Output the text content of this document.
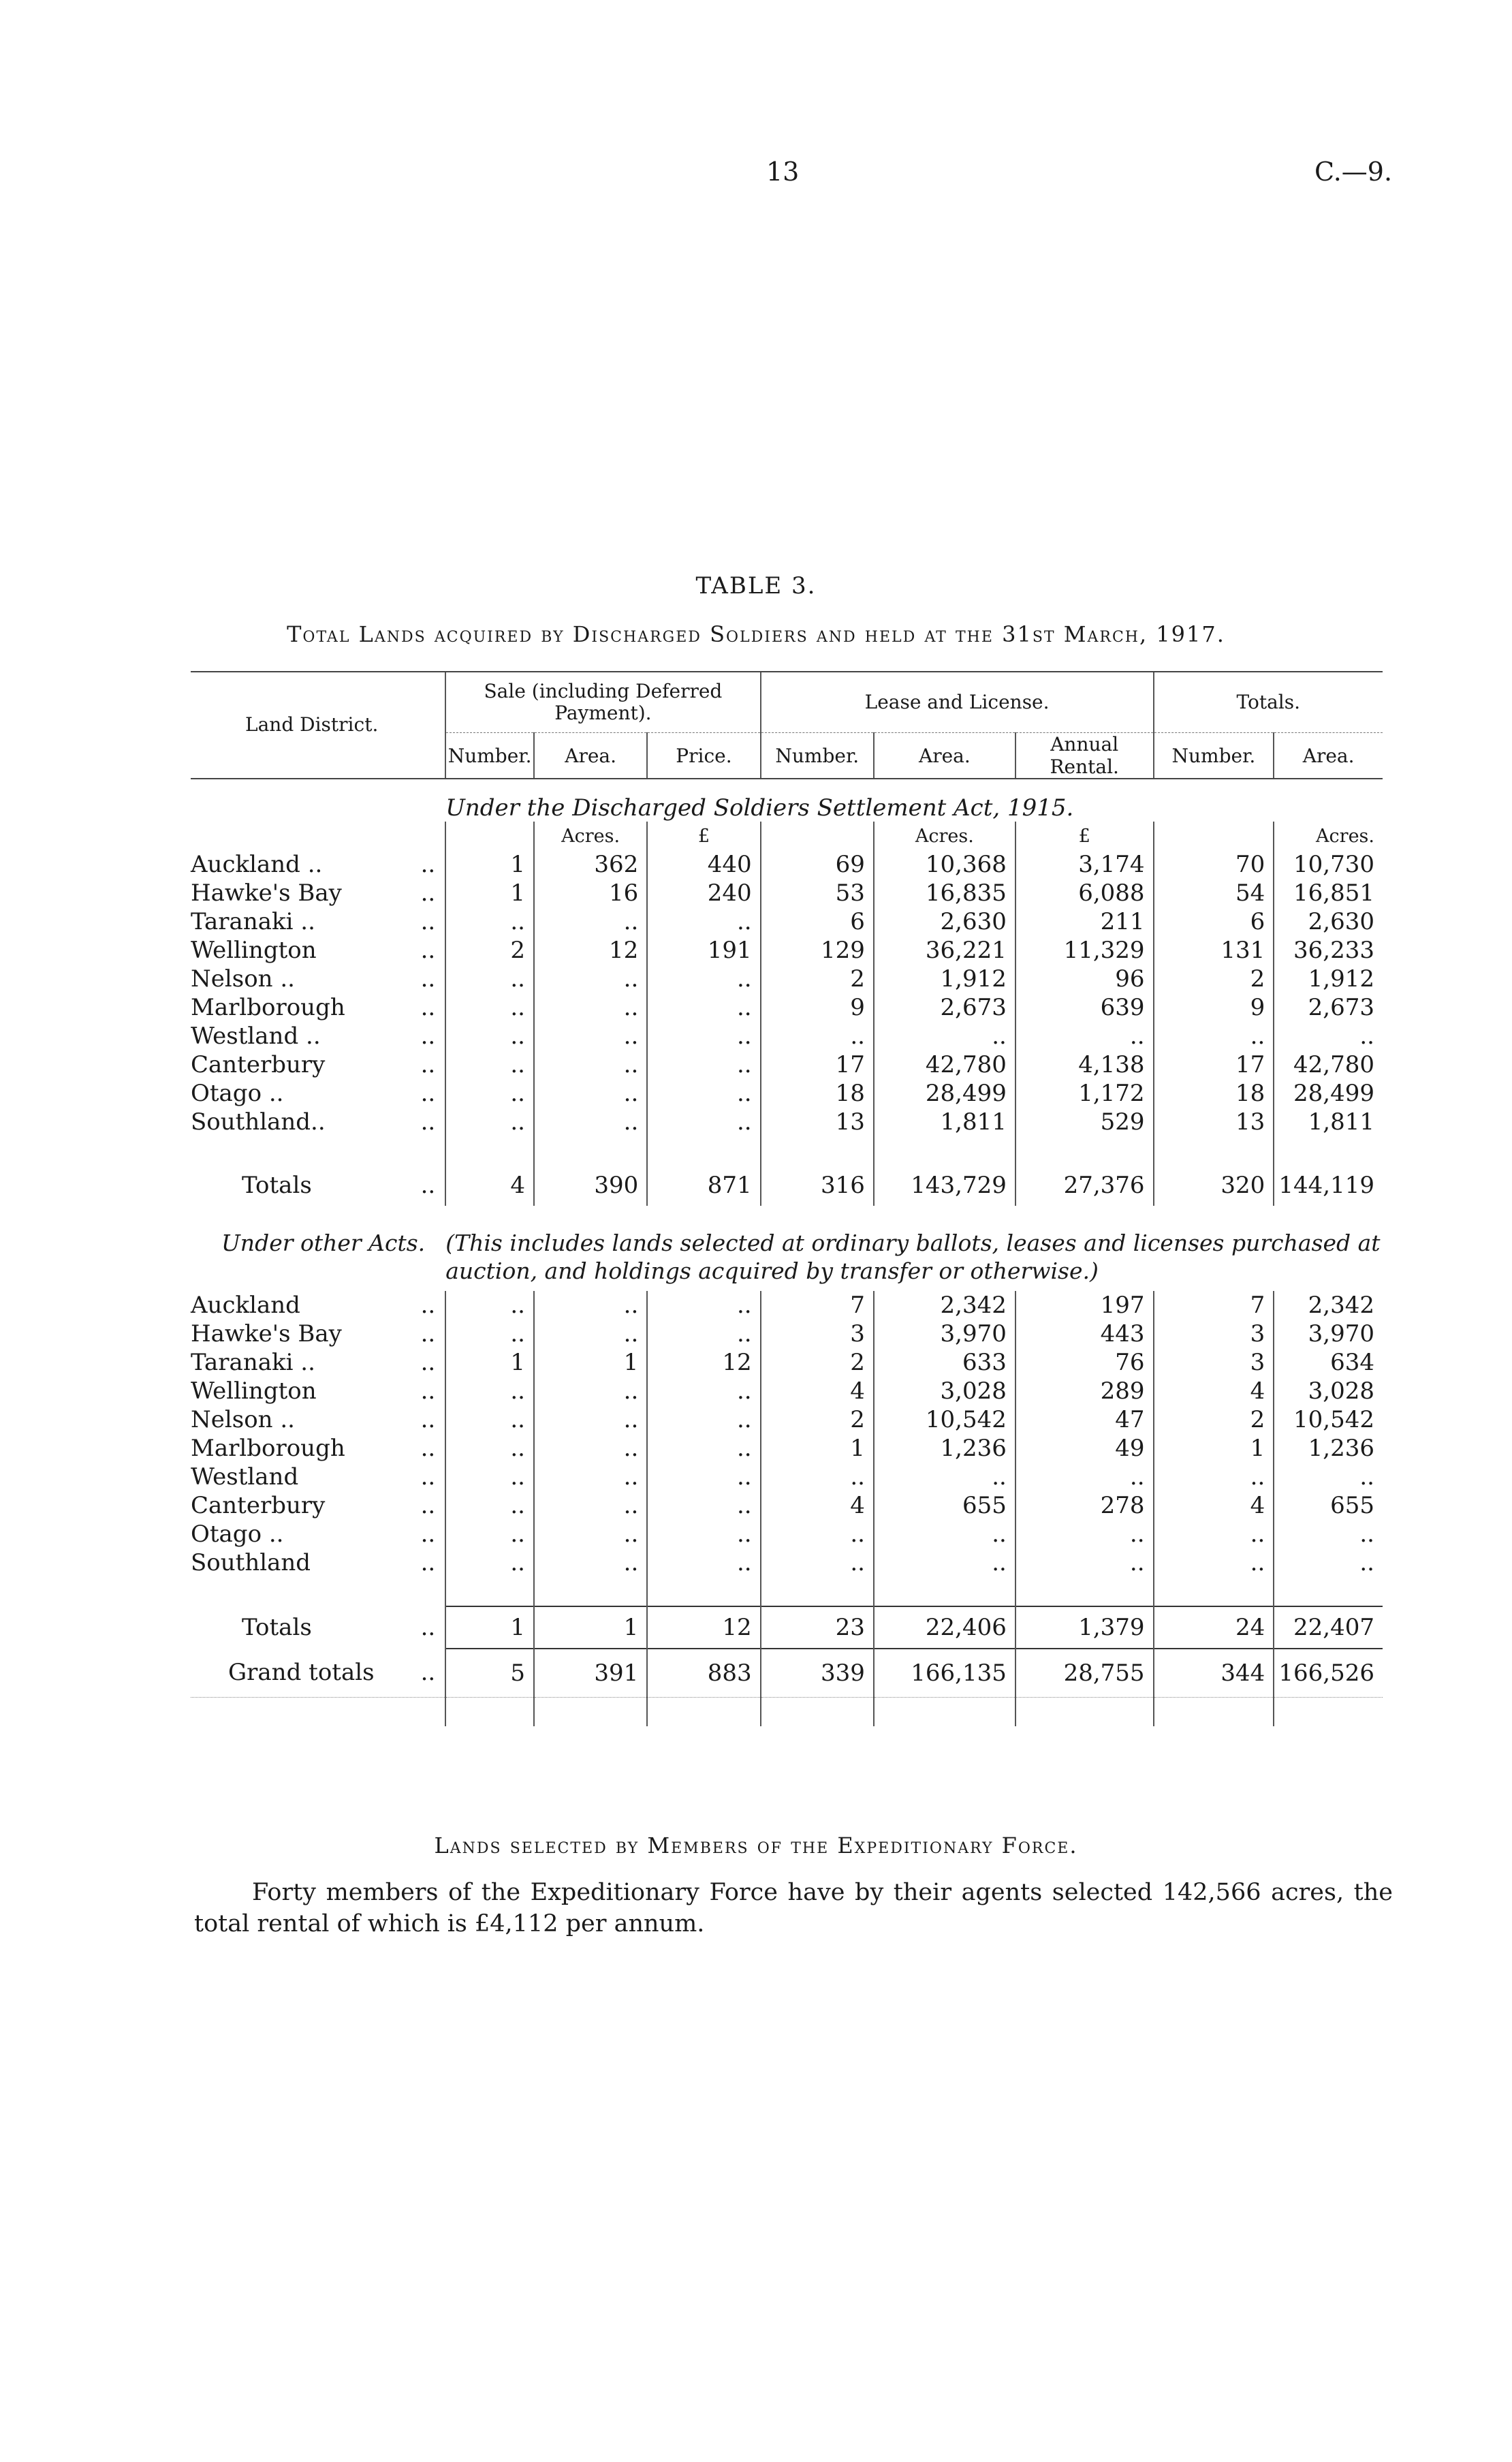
13	C.—9.
TABLE 3.
Total Lands acquired by Discharged Soldiers and held at the 31st March, 1917.
Land District.	Sale (including Deferred Payment).			Lease and License.			Totals.	
	Number.	Area.	Price.	Number.	Area.	Annual Rental.	Number.	Area.
	Under the Discharged Soldiers Settlement Act, 1915.							
		Acres.	£		Acres.	£		Acres.
Auckland .. ..	1	362	440	69	10,368	3,174	70	10,730
Hawke's Bay ..	1	16	240	53	16,835	6,088	54	16,851
Taranaki .. ..	..	..	..	6	2,630	211	6	2,630
Wellington ..	2	12	191	129	36,221	11,329	131	36,233
Nelson .. ..	..	..	..	2	1,912	96	2	1,912
Marlborough ..	..	..	..	9	2,673	639	9	2,673
Westland .. ..	..	..	..	..	..	..	..	..
Canterbury ..	..	..	..	17	42,780	4,138	17	42,780
Otago .. ..	..	..	..	18	28,499	1,172	18	28,499
Southland.. ..	..	..	..	13	1,811	529	13	1,811

Totals ..	4	390	871	316	143,729	27,376	320	144,119
Under other Acts.	(This includes lands selected at ordinary ballots, leases and licenses purchased at auction, and holdings acquired by transfer or otherwise.)							
Auckland ..	..	..	..	7	2,342	197	7	2,342
Hawke's Bay ..	..	..	..	3	3,970	443	3	3,970
Taranaki .. ..	1	1	12	2	633	76	3	634
Wellington ..	..	..	..	4	3,028	289	4	3,028
Nelson .. ..	..	..	..	2	10,542	47	2	10,542
Marlborough ..	..	..	..	1	1,236	49	1	1,236
Westland ..	..	..	..	..	..	..	..	..
Canterbury ..	..	..	..	4	655	278	4	655
Otago .. ..	..	..	..	..	..	..	..	..
Southland ..	..	..	..	..	..	..	..	..

Totals ..	1	1	12	23	22,406	1,379	24	22,407
Grand totals ..	5	391	883	339	166,135	28,755	344	166,526

Lands selected by Members of the Expeditionary Force.
Forty members of the Expeditionary Force have by their agents selected 142,566 acres, the total rental of which is £4,112 per annum.
